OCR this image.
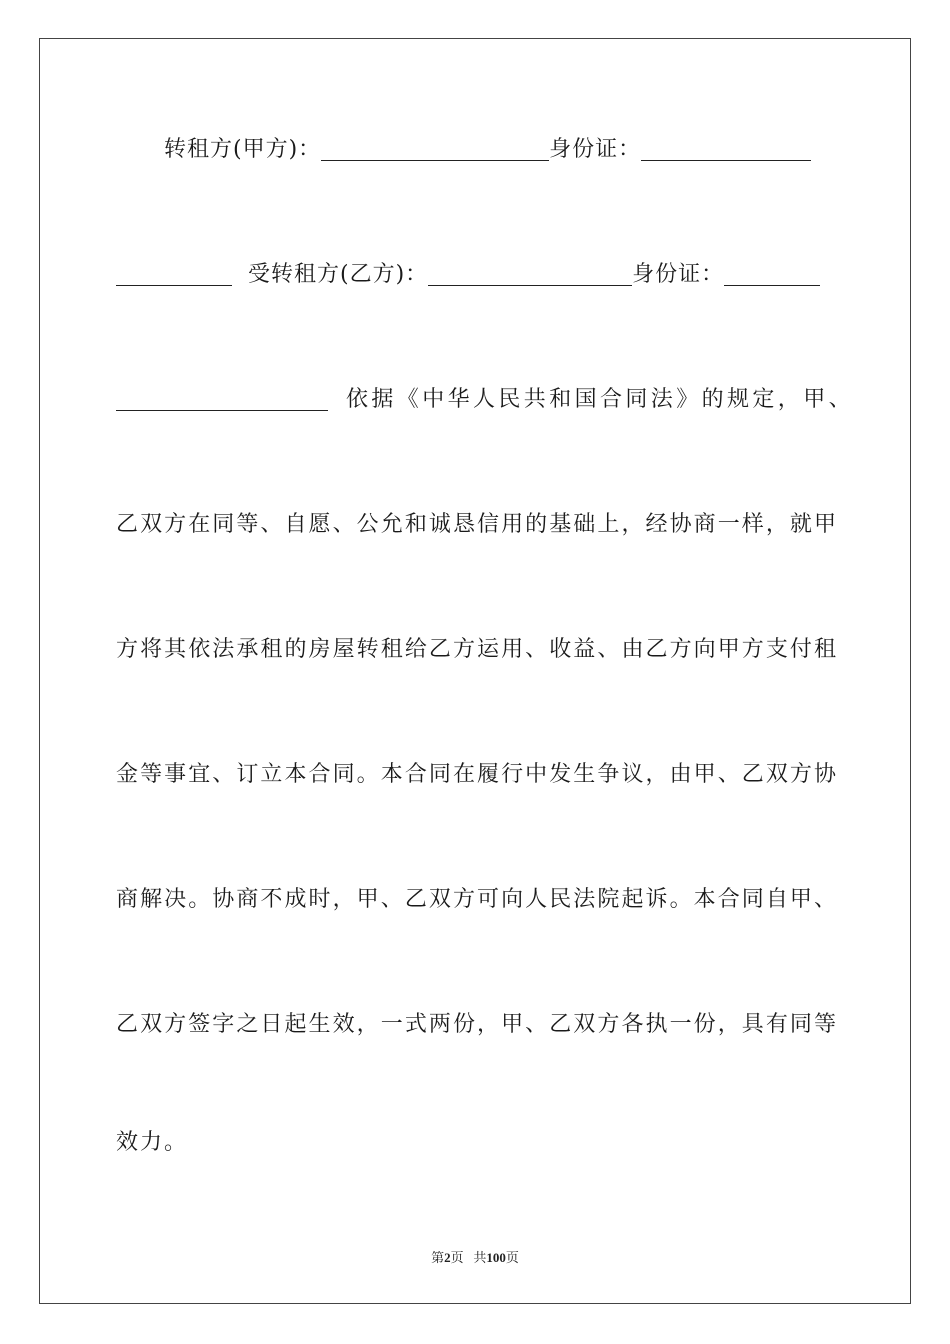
转租方(甲方)：	身份证：
受转租方(乙方)：	身份证：
依据《中华人民共和国合同法》的规定，甲、
乙双方在同等、自愿、公允和诚恳信用的基础上，经协商一样，就甲
方将其依法承租的房屋转租给乙方运用、收益、由乙方向甲方支付租
金等事宜、订立本合同。本合同在履行中发生争议，由甲、乙双方协
商解决。协商不成时，甲、乙双方可向人民法院起诉。本合同自甲、
乙双方签字之日起生效，一式两份，甲、乙双方各执一份，具有同等
效力。
第2页 共100页
